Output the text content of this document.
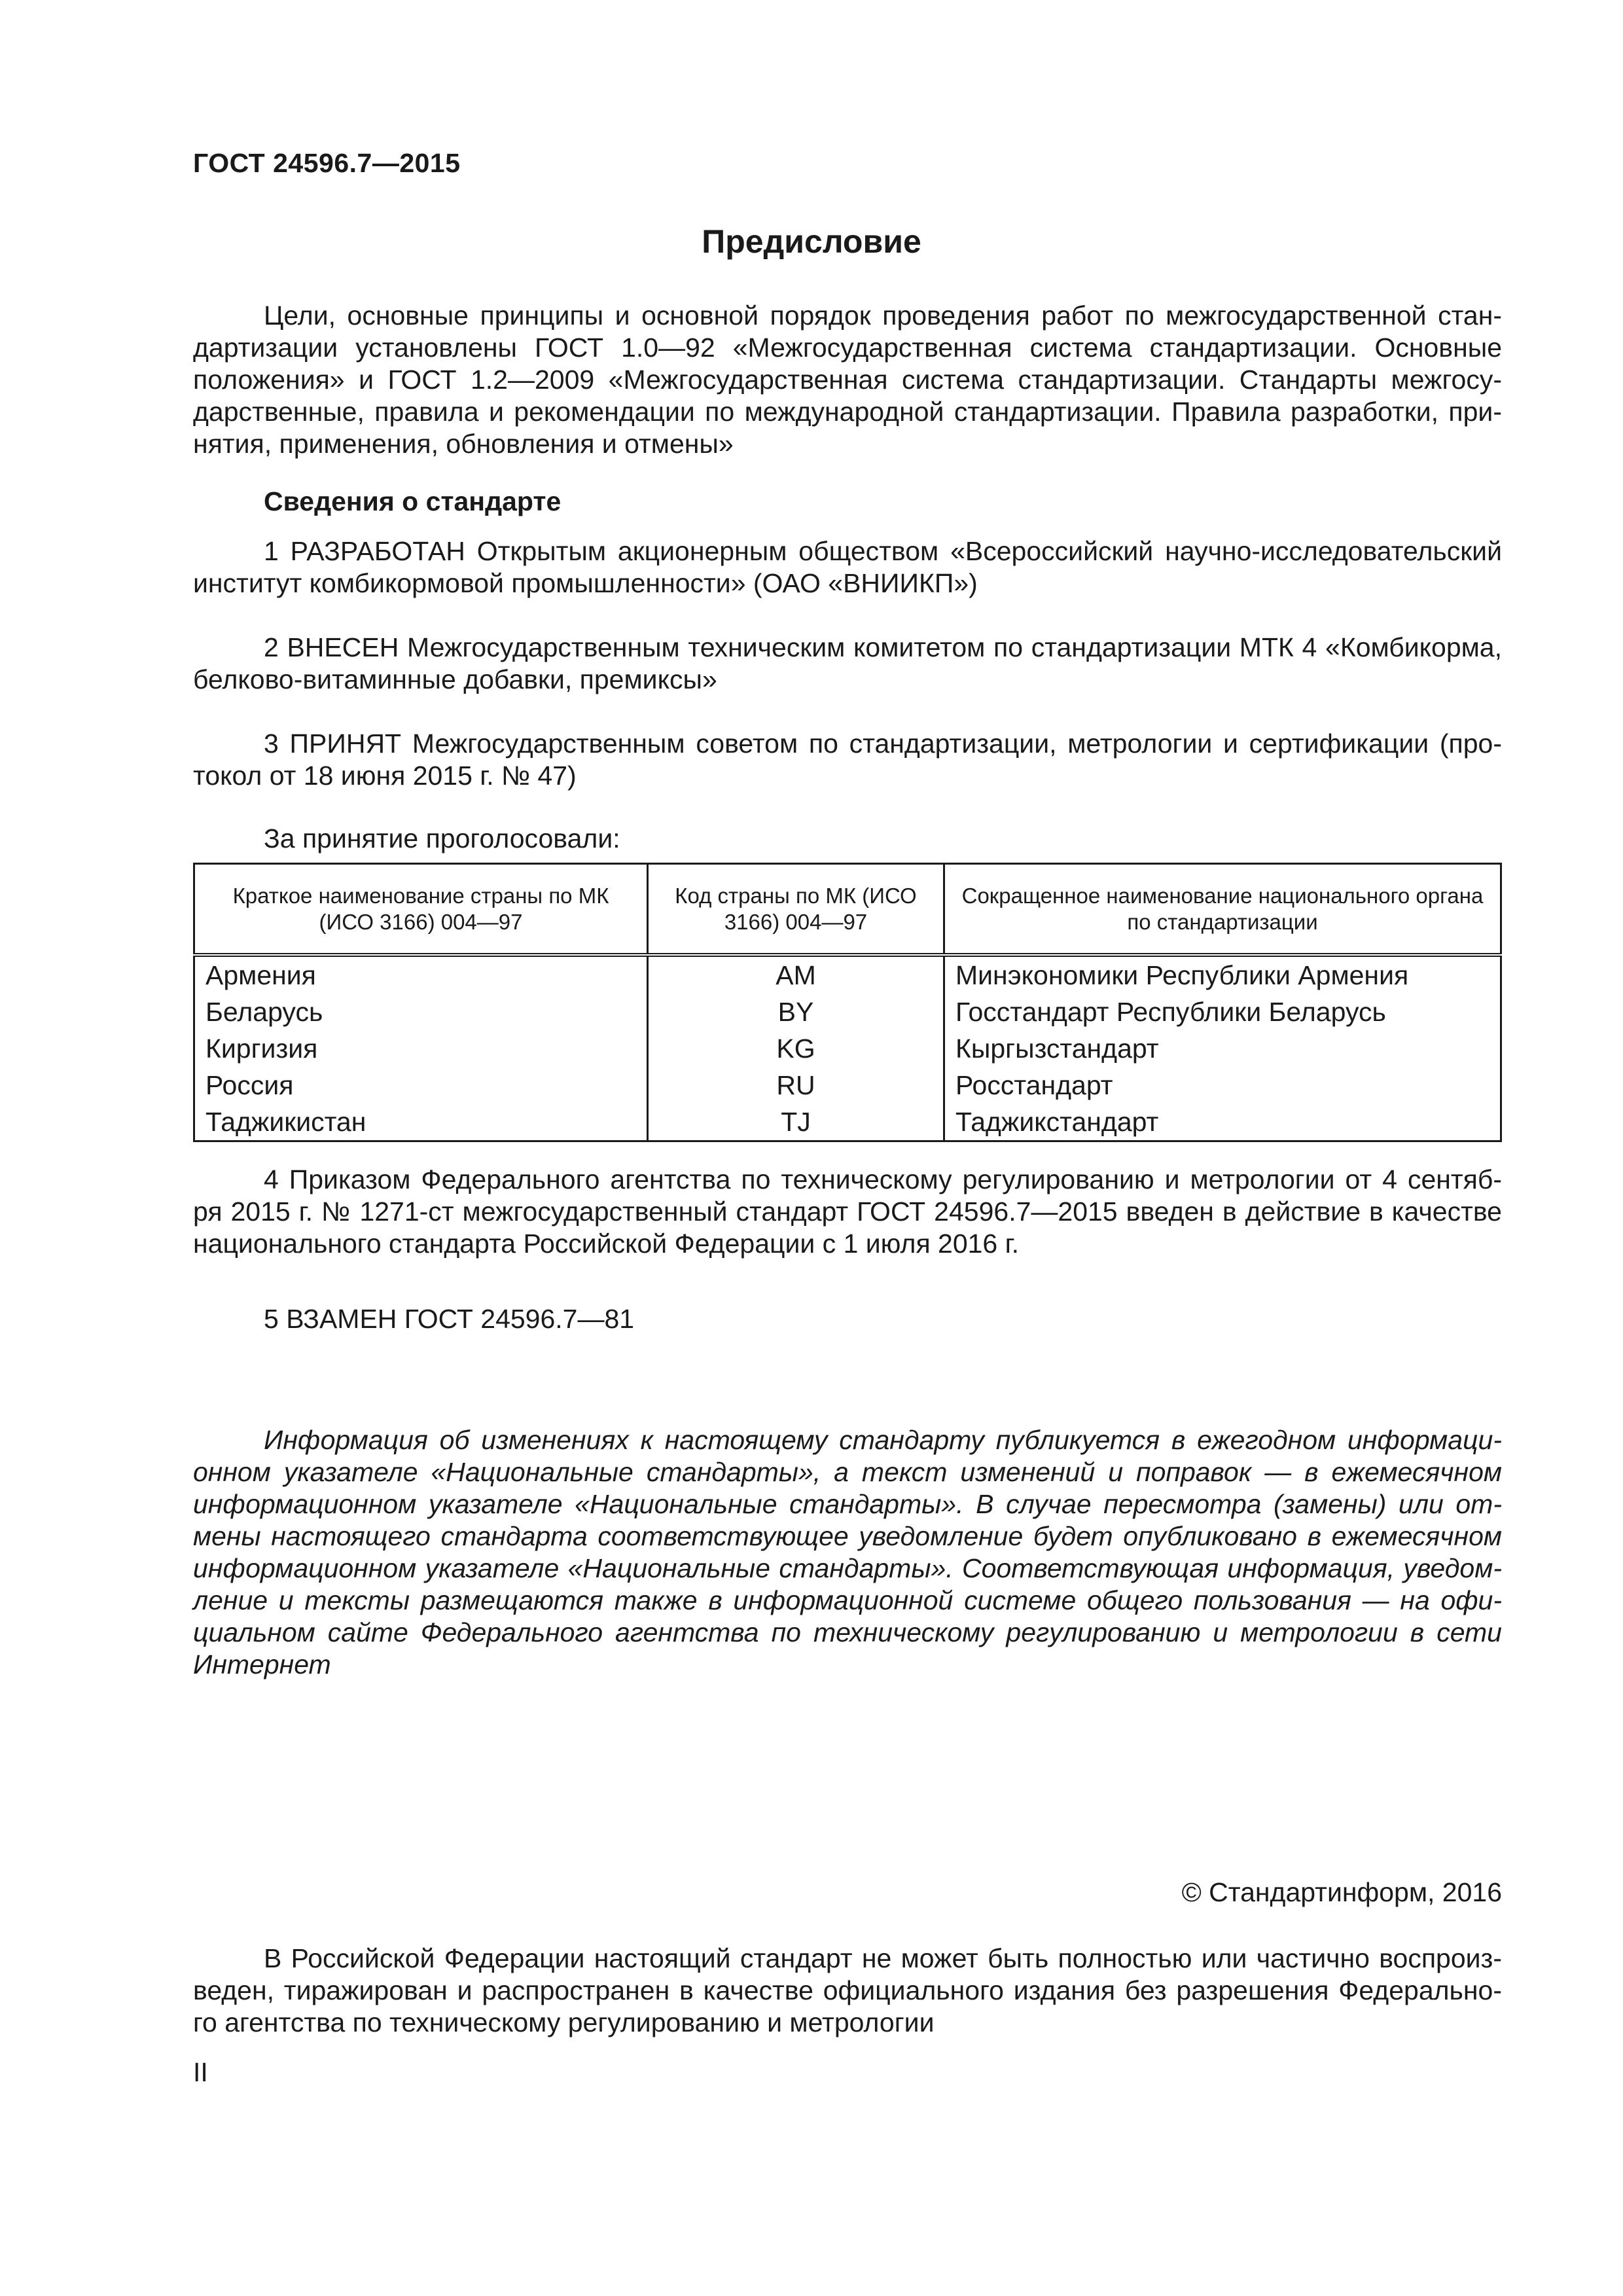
ГОСТ 24596.7—2015
Предисловие
Цели, основные принципы и основной порядок проведения работ по межгосударственной стан-
дартизации установлены ГОСТ 1.0—92 «Межгосударственная система стандартизации. Основные
положения» и ГОСТ 1.2—2009 «Межгосударственная система стандартизации. Стандарты межгосу-
дарственные, правила и рекомендации по международной стандартизации. Правила разработки, при-
нятия, применения, обновления и отмены»
Сведения о стандарте
1 РАЗРАБОТАН Открытым акционерным обществом «Всероссийский научно-исследовательский
институт комбикормовой промышленности» (ОАО «ВНИИКП»)
2 ВНЕСЕН Межгосударственным техническим комитетом по стандартизации МТК 4 «Комбикорма,
белково-витаминные добавки, премиксы»
3 ПРИНЯТ Межгосударственным советом по стандартизации, метрологии и сертификации (про-
токол от 18 июня 2015 г. № 47)
За принятие проголосовали:
Краткое наименование страны по МК (ИСО 3166) 004—97	Код страны по МК (ИСО 3166) 004—97	Сокращенное наименование национального органа по стандартизации
Армения	AM	Минэкономики Республики Армения
Беларусь	BY	Госстандарт Республики Беларусь
Киргизия	KG	Кыргызстандарт
Россия	RU	Росстандарт
Таджикистан	TJ	Таджикстандарт
4 Приказом Федерального агентства по техническому регулированию и метрологии от 4 сентяб-
ря 2015 г. № 1271-ст межгосударственный стандарт ГОСТ 24596.7—2015 введен в действие в качестве
национального стандарта Российской Федерации с 1 июля 2016 г.
5 ВЗАМЕН ГОСТ 24596.7—81
Информация об изменениях к настоящему стандарту публикуется в ежегодном информаци-
онном указателе «Национальные стандарты», а текст изменений и поправок — в ежемесячном
информационном указателе «Национальные стандарты». В случае пересмотра (замены) или от-
мены настоящего стандарта соответствующее уведомление будет опубликовано в ежемесячном
информационном указателе «Национальные стандарты». Соответствующая информация, уведом-
ление и тексты размещаются также в информационной системе общего пользования — на офи-
циальном сайте Федерального агентства по техническому регулированию и метрологии в сети
Интернет
© Стандартинформ, 2016
В Российской Федерации настоящий стандарт не может быть полностью или частично воспроиз-
веден, тиражирован и распространен в качестве официального издания без разрешения Федерально-
го агентства по техническому регулированию и метрологии
II
